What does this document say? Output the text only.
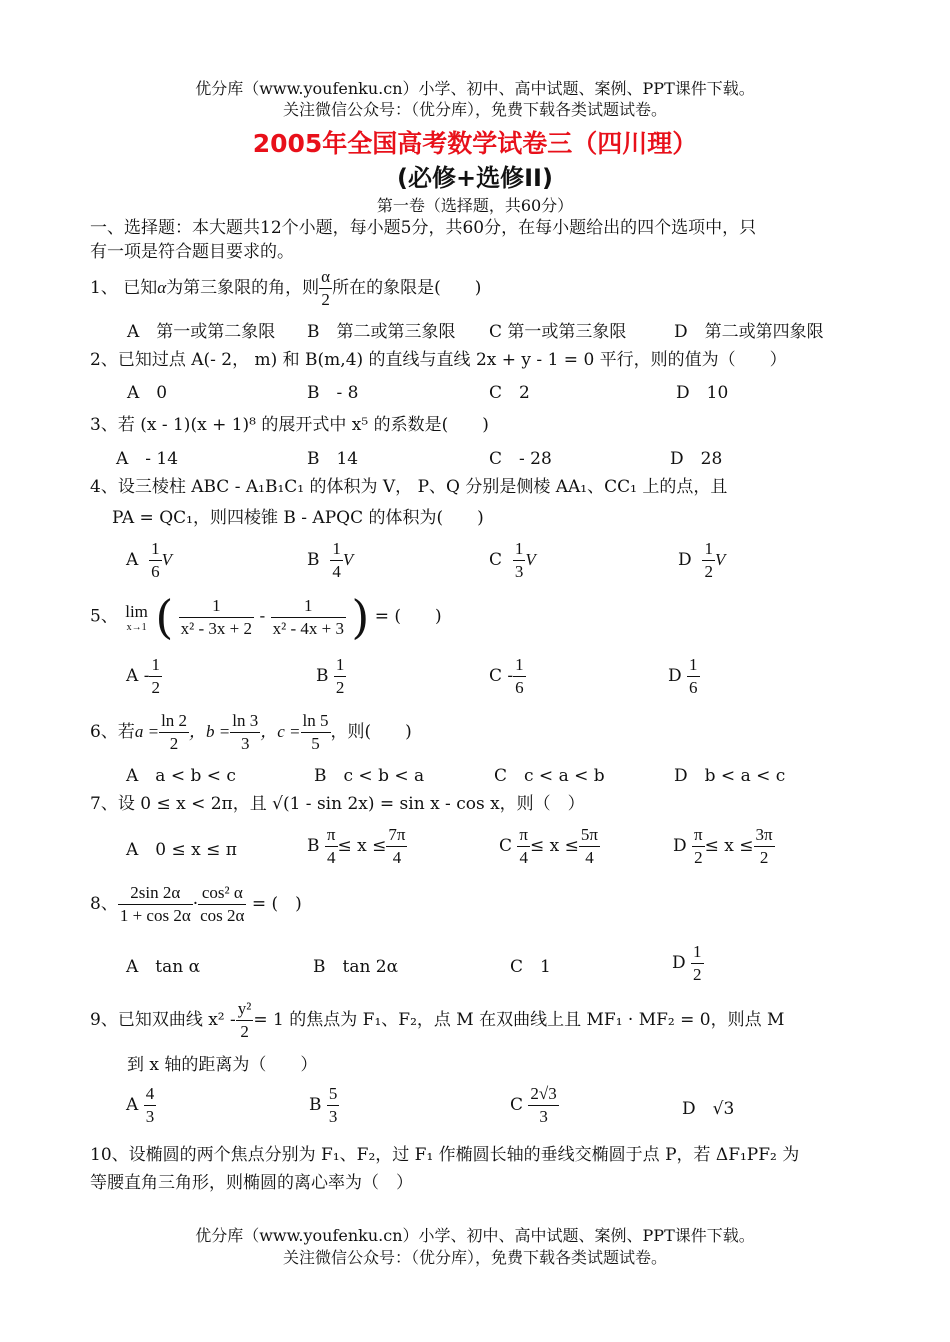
优分库（www.youfenku.cn）小学、初中、高中试题、案例、PPT课件下载。
关注微信公众号：（优分库），免费下载各类试题试卷。
2005年全国高考数学试卷三（四川理）
(必修+选修II)
第一卷（选择题，共60分）
一、选择题：本大题共12个小题，每小题5分，共60分，在每小题给出的四个选项中，只
有一项是符合题目要求的。
1、 已知α为第三象限的角，则 $\frac{\alpha}{2}$ 所在的象限是(　　)
A　第一或第二象限 B　第二或第三象限 C 第一或第三象限	D　第二或第四象限
2、已知过点 A(- 2， m) 和 B(m,4) 的直线与直线 2x + y - 1 = 0 平行，则的值为（　　）
A　0	B　- 8	C　2	D　10
3、若 (x - 1)(x + 1)⁸ 的展开式中 x⁵ 的系数是(　　)
A　- 14	B　14	C　- 28	D　28
4、设三棱柱 ABC - A₁B₁C₁ 的体积为 V， P、Q 分别是侧棱 AA₁、CC₁ 上的点，且
PA = QC₁，则四棱锥 B - APQC 的体积为(　　)
A $\frac{1}{6}$ V	B $\frac{1}{4}$ V	C $\frac{1}{3}$ V	D $\frac{1}{2}$ V
5、 lim
x→1 ( $\frac{1}{\text{x² - 3x + 2}} - \frac{1}{\text{x² - 4x + 3}}$ ) = (　　)
A - $\frac{1}{2}$	B $\frac{1}{2}$	C - $\frac{1}{6}$	D $\frac{1}{6}$
6、若$a = \frac{\ln 2}{2}$ ，$b = \frac{\ln 3}{3}$ ，$c = \frac{\ln 5}{5}$ ，则(　　)
A　a < b < c	B　c < b < a	C　c < a < b	D　b < a < c
7、设 0 ≤ x < 2π，且 √(1 - sin 2x) = sin x - cos x，则（　）
A　0 ≤ x ≤ π	B $\frac{\pi}{4} \le x \le \frac{7\pi}{4}$	C $\frac{\pi}{4} \le x \le \frac{5\pi}{4}$	D $\frac{\pi}{2} \le x \le \frac{3\pi}{2}$
8、 $\frac{2\sin 2\alpha}{1 + \cos 2\alpha} \cdot \frac{\text{cos² α}}{\cos 2\alpha}$ = (　)
A　tan α	B　tan 2α	C　1	D $\frac{1}{2}$
9、已知双曲线 $x^2 - \frac{\text{y²}}{2} = 1$ 的焦点为 F₁、F₂，点 M 在双曲线上且 MF₁ · MF₂ = 0，则点 M
到 x 轴的距离为（　　）
A $\frac{4}{3}$	B $\frac{5}{3}$	C $\frac{2√3}{3}$	D　√3
10、设椭圆的两个焦点分别为 F₁、F₂，过 F₁ 作椭圆长轴的垂线交椭圆于点 P，若 ΔF₁PF₂ 为
等腰直角三角形，则椭圆的离心率为（　）
优分库（www.youfenku.cn）小学、初中、高中试题、案例、PPT课件下载。
关注微信公众号：（优分库），免费下载各类试题试卷。
